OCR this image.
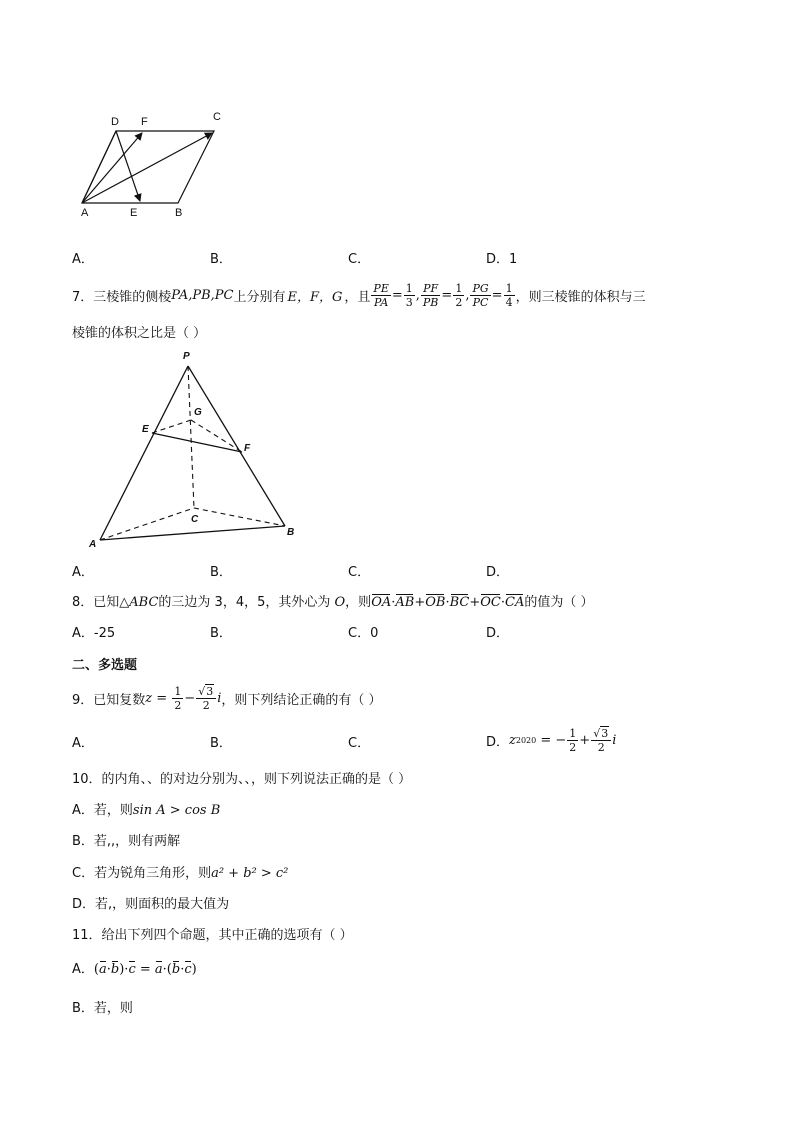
D F	C
A	E	B
A．	B．	C．	D．1
7．三棱锥的侧棱 PA,PB,PC 上分别有 E，F，G ，且 $\frac{PE}{PA} = \frac{1}{3}$ , $\frac{PF}{PB} = \frac{1}{2}$ , $\frac{PG}{PC} = \frac{1}{4}$ ，则三棱锥的体积与三
棱锥的体积之比是（ ）
P
G
E
F
C
A
B
A．	B．	C．	D．
8．已知△ABC的三边为 3，4，5，其外心为 O，则OA·AB+OB·BC+OC·CA的值为（ ）
A．-25	B．	C．0	D．
二、多选题
9．已知复数 $z = \frac{1}{2} - \frac{√3}{2}$ i ，则下列结论正确的有（ ）
A．	B．	C．	D． z 2020 = − $\frac{1}{2} + \frac{√3}{2}$ i
10．的内角、、的对边分别为、、，则下列说法正确的是（ ）
A．若，则sin A > cos B
B．若,,，则有两解
C．若为锐角三角形，则a² + b² > c²
D．若,，则面积的最大值为
11．给出下列四个命题，其中正确的选项有（ ）
A．(a·b)·c = a·(b·c)
B．若，则
